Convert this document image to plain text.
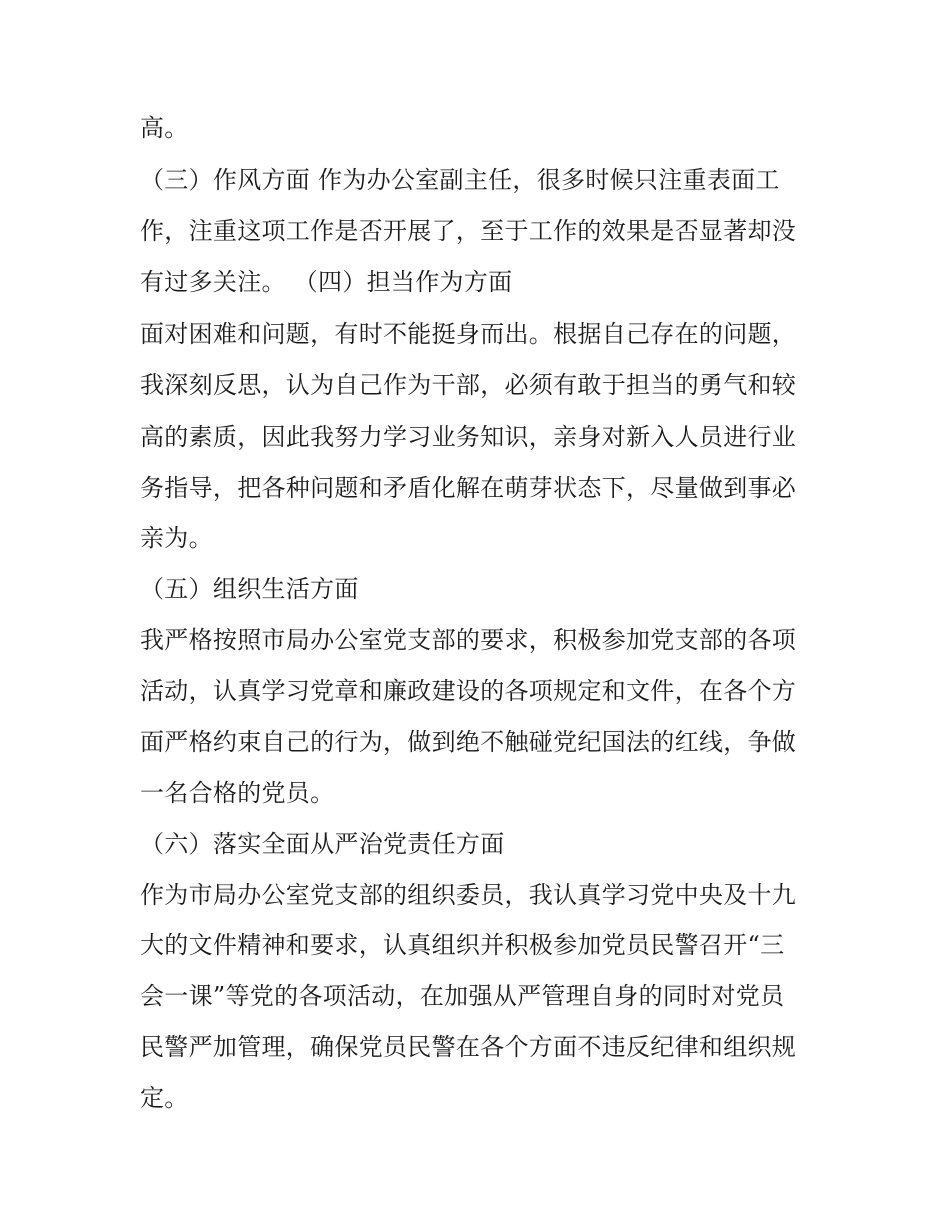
高。
（三）作风方面 作为办公室副主任，很多时候只注重表面工
作，注重这项工作是否开展了，至于工作的效果是否显著却没
有过多关注。 （四）担当作为方面
面对困难和问题，有时不能挺身而出。根据自己存在的问题，
我深刻反思，认为自己作为干部，必须有敢于担当的勇气和较
高的素质，因此我努力学习业务知识，亲身对新入人员进行业
务指导，把各种问题和矛盾化解在萌芽状态下，尽量做到事必
亲为。
（五）组织生活方面
我严格按照市局办公室党支部的要求，积极参加党支部的各项
活动，认真学习党章和廉政建设的各项规定和文件，在各个方
面严格约束自己的行为，做到绝不触碰党纪国法的红线，争做
一名合格的党员。
（六）落实全面从严治党责任方面
作为市局办公室党支部的组织委员，我认真学习党中央及十九
大的文件精神和要求，认真组织并积极参加党员民警召开“三
会一课”等党的各项活动，在加强从严管理自身的同时对党员
民警严加管理，确保党员民警在各个方面不违反纪律和组织规
定。
